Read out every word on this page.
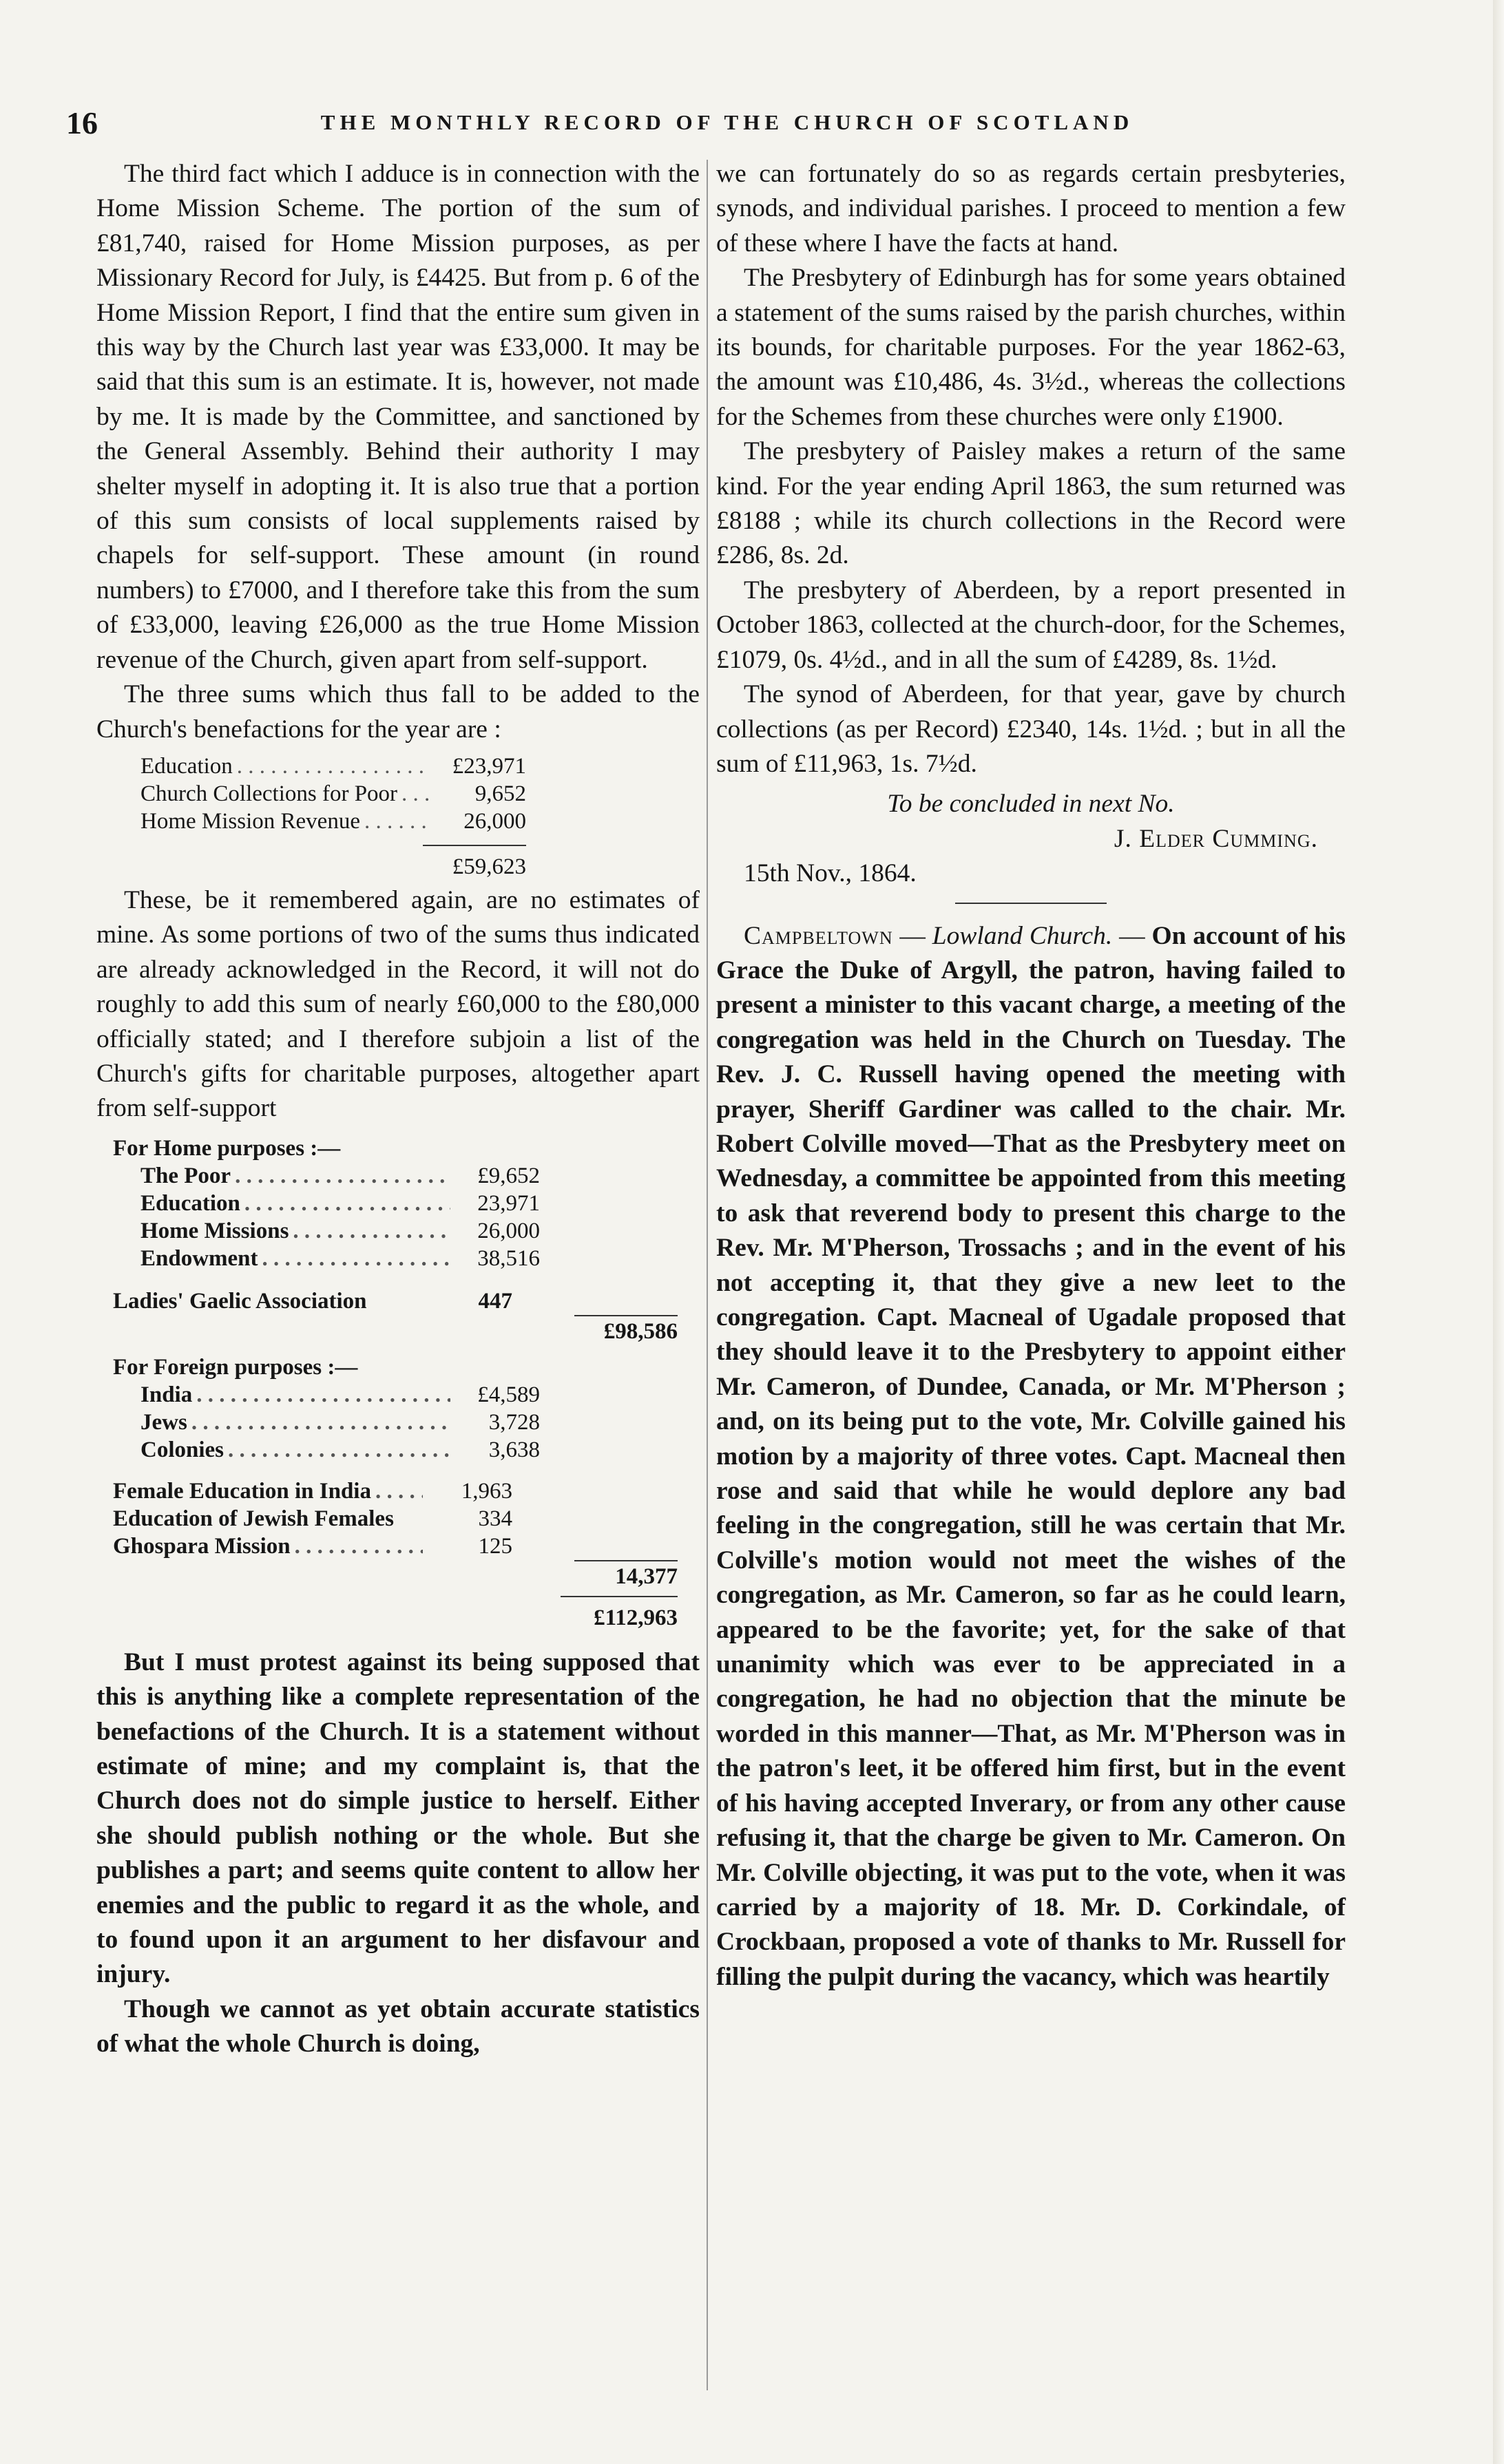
16	THE MONTHLY RECORD OF THE CHURCH OF SCOTLAND

The third fact which I adduce is in connection with the Home Mission Scheme. The portion of the sum of £81,740, raised for Home Mission purposes, as per Missionary Record for July, is £4425. But from p. 6 of the Home Mission Report, I find that the entire sum given in this way by the Church last year was £33,000. It may be said that this sum is an estimate. It is, however, not made by me. It is made by the Committee, and sanctioned by the General Assembly. Behind their authority I may shelter myself in adopting it. It is also true that a portion of this sum consists of local supplements raised by chapels for self-support. These amount (in round numbers) to £7000, and I therefore take this from the sum of £33,000, leaving £26,000 as the true Home Mission revenue of the Church, given apart from self-support.

The three sums which thus fall to be added to the Church's benefactions for the year are :

Education . . .	£23,971
Church Collections for Poor . . .	9,652
Home Mission Revenue . . .	26,000
£59,623

These, be it remembered again, are no estimates of mine. As some portions of two of the sums thus indicated are already acknowledged in the Record, it will not do roughly to add this sum of nearly £60,000 to the £80,000 officially stated; and I therefore subjoin a list of the Church's gifts for charitable purposes, altogether apart from self-support

For Home purposes :—
The Poor . . .	£9,652
Education . . .	23,971
Home Missions . . .	26,000
Endowment . . .	38,516
Ladies' Gaelic Association	447
£98,586
For Foreign purposes :—
India . . .	£4,589
Jews . . .	3,728
Colonies . . .	3,638
Female Education in India . . .	1,963
Education of Jewish Females	334
Ghospara Mission . . .	125
14,377
£112,963

But I must protest against its being supposed that this is anything like a complete representation of the benefactions of the Church. It is a statement without estimate of mine; and my complaint is, that the Church does not do simple justice to herself. Either she should publish nothing or the whole. But she publishes a part; and seems quite content to allow her enemies and the public to regard it as the whole, and to found upon it an argument to her disfavour and injury.

Though we cannot as yet obtain accurate statistics of what the whole Church is doing,

we can fortunately do so as regards certain presbyteries, synods, and individual parishes. I proceed to mention a few of these where I have the facts at hand.

The Presbytery of Edinburgh has for some years obtained a statement of the sums raised by the parish churches, within its bounds, for charitable purposes. For the year 1862-63, the amount was £10,486, 4s. 3½d., whereas the collections for the Schemes from these churches were only £1900.

The presbytery of Paisley makes a return of the same kind. For the year ending April 1863, the sum returned was £8188 ; while its church collections in the Record were £286, 8s. 2d.

The presbytery of Aberdeen, by a report presented in October 1863, collected at the church-door, for the Schemes, £1079, 0s. 4½d., and in all the sum of £4289, 8s. 1½d.

The synod of Aberdeen, for that year, gave by church collections (as per Record) £2340, 14s. 1½d. ; but in all the sum of £11,963, 1s. 7½d.

To be concluded in next No.

J. Elder Cumming.

15th Nov., 1864.

Campbeltown — Lowland Church. — On account of his Grace the Duke of Argyll, the patron, having failed to present a minister to this vacant charge, a meeting of the congregation was held in the Church on Tuesday. The Rev. J. C. Russell having opened the meeting with prayer, Sheriff Gardiner was called to the chair. Mr. Robert Colville moved—That as the Presbytery meet on Wednesday, a committee be appointed from this meeting to ask that reverend body to present this charge to the Rev. Mr. M'Pherson, Trossachs ; and in the event of his not accepting it, that they give a new leet to the congregation. Capt. Macneal of Ugadale proposed that they should leave it to the Presbytery to appoint either Mr. Cameron, of Dundee, Canada, or Mr. M'Pherson ; and, on its being put to the vote, Mr. Colville gained his motion by a majority of three votes. Capt. Macneal then rose and said that while he would deplore any bad feeling in the congregation, still he was certain that Mr. Colville's motion would not meet the wishes of the congregation, as Mr. Cameron, so far as he could learn, appeared to be the favorite; yet, for the sake of that unanimity which was ever to be appreciated in a congregation, he had no objection that the minute be worded in this manner—That, as Mr. M'Pherson was in the patron's leet, it be offered him first, but in the event of his having accepted Inverary, or from any other cause refusing it, that the charge be given to Mr. Cameron. On Mr. Colville objecting, it was put to the vote, when it was carried by a majority of 18. Mr. D. Corkindale, of Crockbaan, proposed a vote of thanks to Mr. Russell for filling the pulpit during the vacancy, which was heartily
